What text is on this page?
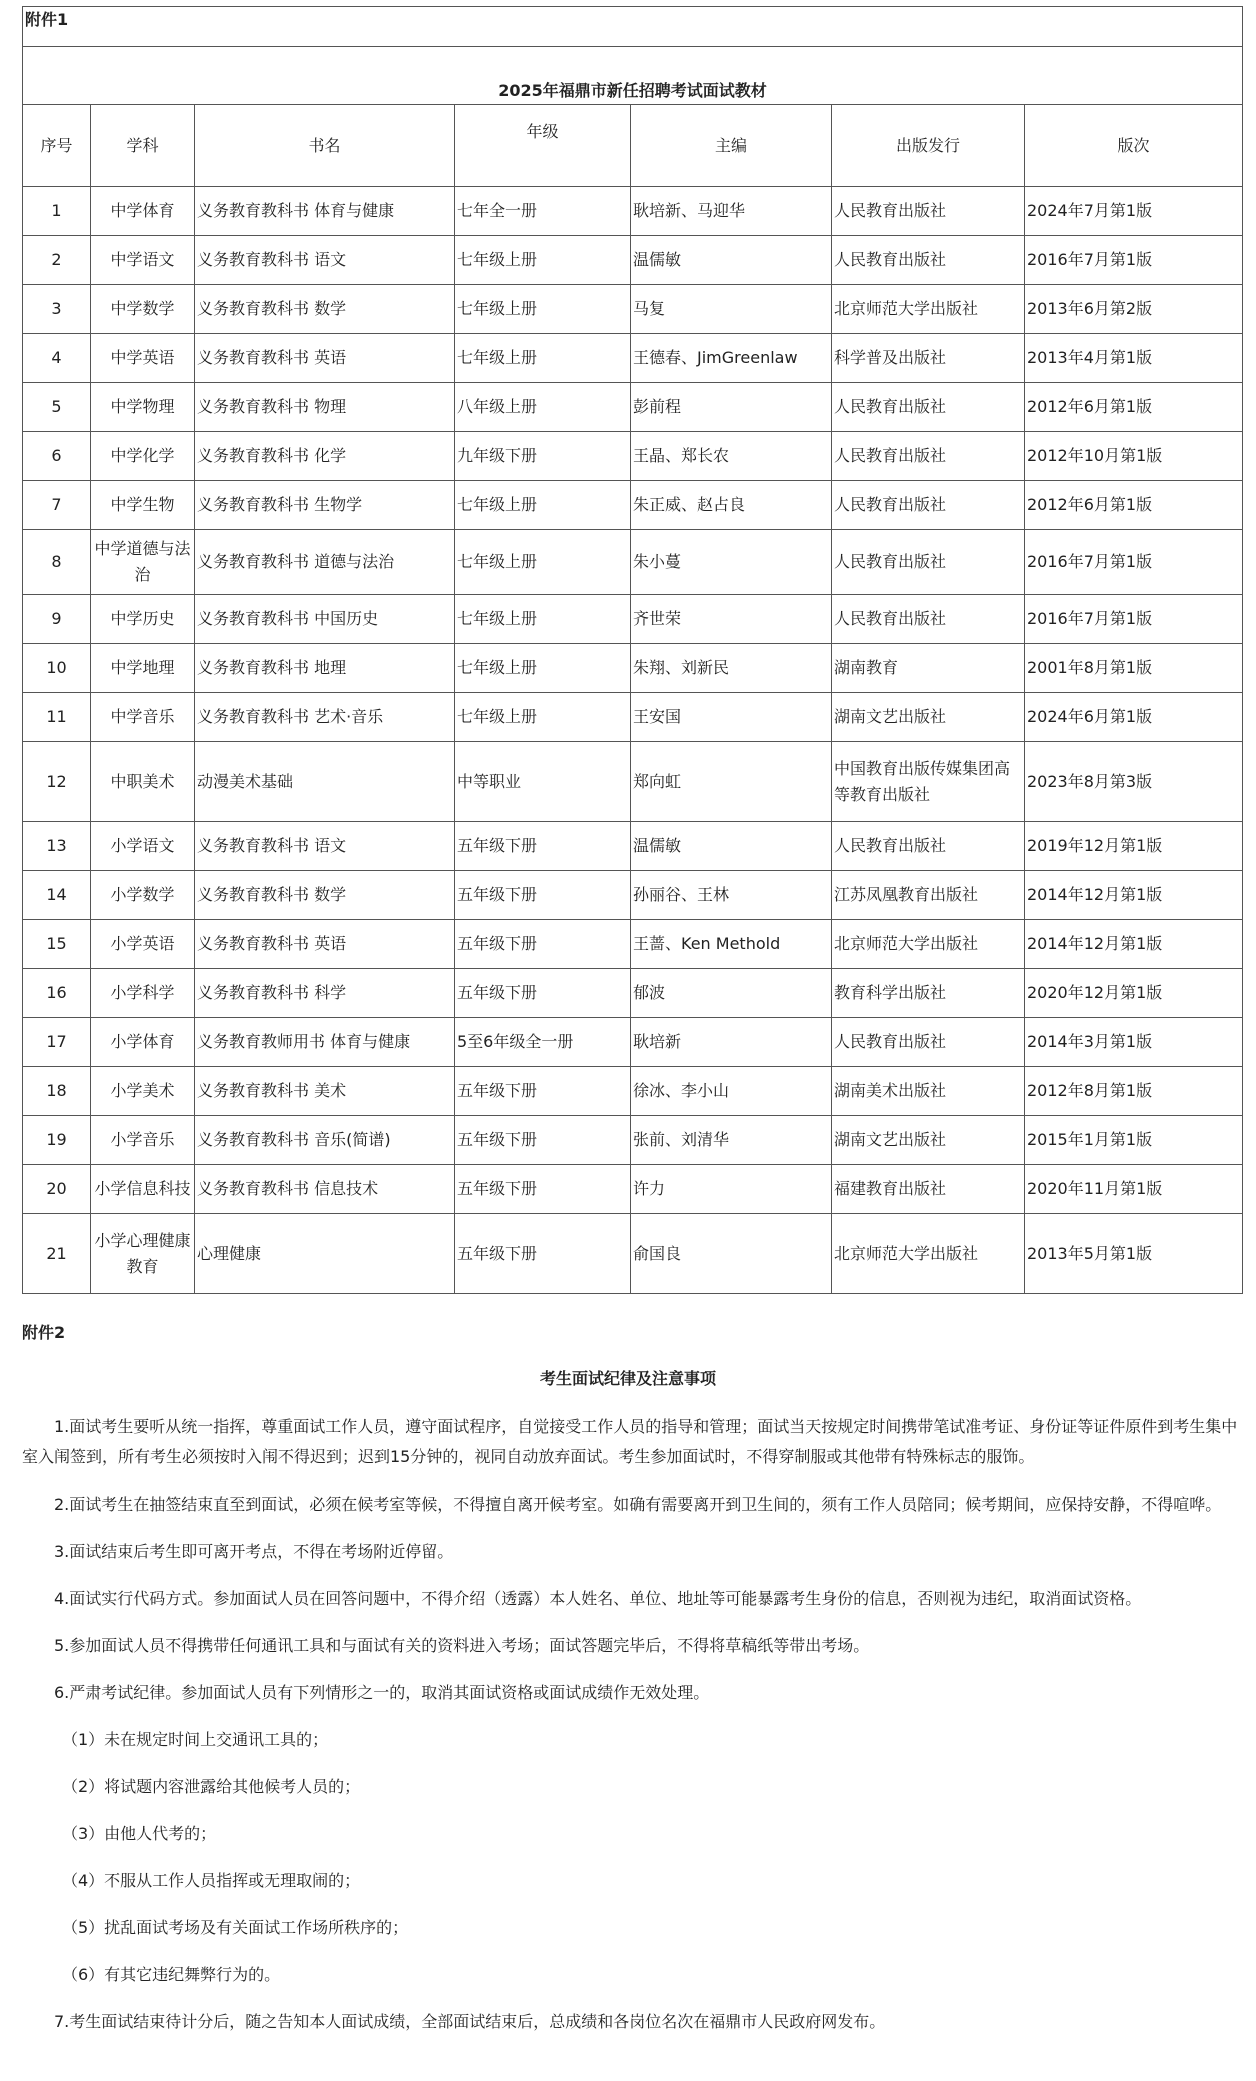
附件1						
2025年福鼎市新任招聘考试面试教材						
序号	学科	书名	年级	主编	出版发行	版次
1	中学体育	义务教育教科书 体育与健康	七年全一册	耿培新、马迎华	人民教育出版社	2024年7月第1版
2	中学语文	义务教育教科书 语文	七年级上册	温儒敏	人民教育出版社	2016年7月第1版
3	中学数学	义务教育教科书 数学	七年级上册	马复	北京师范大学出版社	2013年6月第2版
4	中学英语	义务教育教科书 英语	七年级上册	王德春、JimGreenlaw	科学普及出版社	2013年4月第1版
5	中学物理	义务教育教科书 物理	八年级上册	彭前程	人民教育出版社	2012年6月第1版
6	中学化学	义务教育教科书 化学	九年级下册	王晶、郑长农	人民教育出版社	2012年10月第1版
7	中学生物	义务教育教科书 生物学	七年级上册	朱正威、赵占良	人民教育出版社	2012年6月第1版
8	中学道德与法治	义务教育教科书 道德与法治	七年级上册	朱小蔓	人民教育出版社	2016年7月第1版
9	中学历史	义务教育教科书 中国历史	七年级上册	齐世荣	人民教育出版社	2016年7月第1版
10	中学地理	义务教育教科书 地理	七年级上册	朱翔、刘新民	湖南教育	2001年8月第1版
11	中学音乐	义务教育教科书 艺术·音乐	七年级上册	王安国	湖南文艺出版社	2024年6月第1版
12	中职美术	动漫美术基础	中等职业	郑向虹	中国教育出版传媒集团高等教育出版社	2023年8月第3版
13	小学语文	义务教育教科书 语文	五年级下册	温儒敏	人民教育出版社	2019年12月第1版
14	小学数学	义务教育教科书 数学	五年级下册	孙丽谷、王林	江苏凤凰教育出版社	2014年12月第1版
15	小学英语	义务教育教科书 英语	五年级下册	王蔷、Ken Methold	北京师范大学出版社	2014年12月第1版
16	小学科学	义务教育教科书 科学	五年级下册	郁波	教育科学出版社	2020年12月第1版
17	小学体育	义务教育教师用书 体育与健康	5至6年级全一册	耿培新	人民教育出版社	2014年3月第1版
18	小学美术	义务教育教科书 美术	五年级下册	徐冰、李小山	湖南美术出版社	2012年8月第1版
19	小学音乐	义务教育教科书 音乐(简谱)	五年级下册	张前、刘清华	湖南文艺出版社	2015年1月第1版
20	小学信息科技	义务教育教科书 信息技术	五年级下册	许力	福建教育出版社	2020年11月第1版
21	小学心理健康教育	心理健康	五年级下册	俞国良	北京师范大学出版社	2013年5月第1版
附件2
考生面试纪律及注意事项
1.面试考生要听从统一指挥，尊重面试工作人员，遵守面试程序，自觉接受工作人员的指导和管理；面试当天按规定时间携带笔试准考证、身份证等证件原件到考生集中室入闱签到，所有考生必须按时入闱不得迟到；迟到15分钟的，视同自动放弃面试。考生参加面试时，不得穿制服或其他带有特殊标志的服饰。
2.面试考生在抽签结束直至到面试，必须在候考室等候，不得擅自离开候考室。如确有需要离开到卫生间的，须有工作人员陪同；候考期间，应保持安静，不得喧哗。
3.面试结束后考生即可离开考点，不得在考场附近停留。
4.面试实行代码方式。参加面试人员在回答问题中，不得介绍（透露）本人姓名、单位、地址等可能暴露考生身份的信息，否则视为违纪，取消面试资格。
5.参加面试人员不得携带任何通讯工具和与面试有关的资料进入考场；面试答题完毕后，不得将草稿纸等带出考场。
6.严肃考试纪律。参加面试人员有下列情形之一的，取消其面试资格或面试成绩作无效处理。
（1）未在规定时间上交通讯工具的；
（2）将试题内容泄露给其他候考人员的；
（3）由他人代考的；
（4）不服从工作人员指挥或无理取闹的；
（5）扰乱面试考场及有关面试工作场所秩序的；
（6）有其它违纪舞弊行为的。
7.考生面试结束待计分后，随之告知本人面试成绩，全部面试结束后，总成绩和各岗位名次在福鼎市人民政府网发布。
